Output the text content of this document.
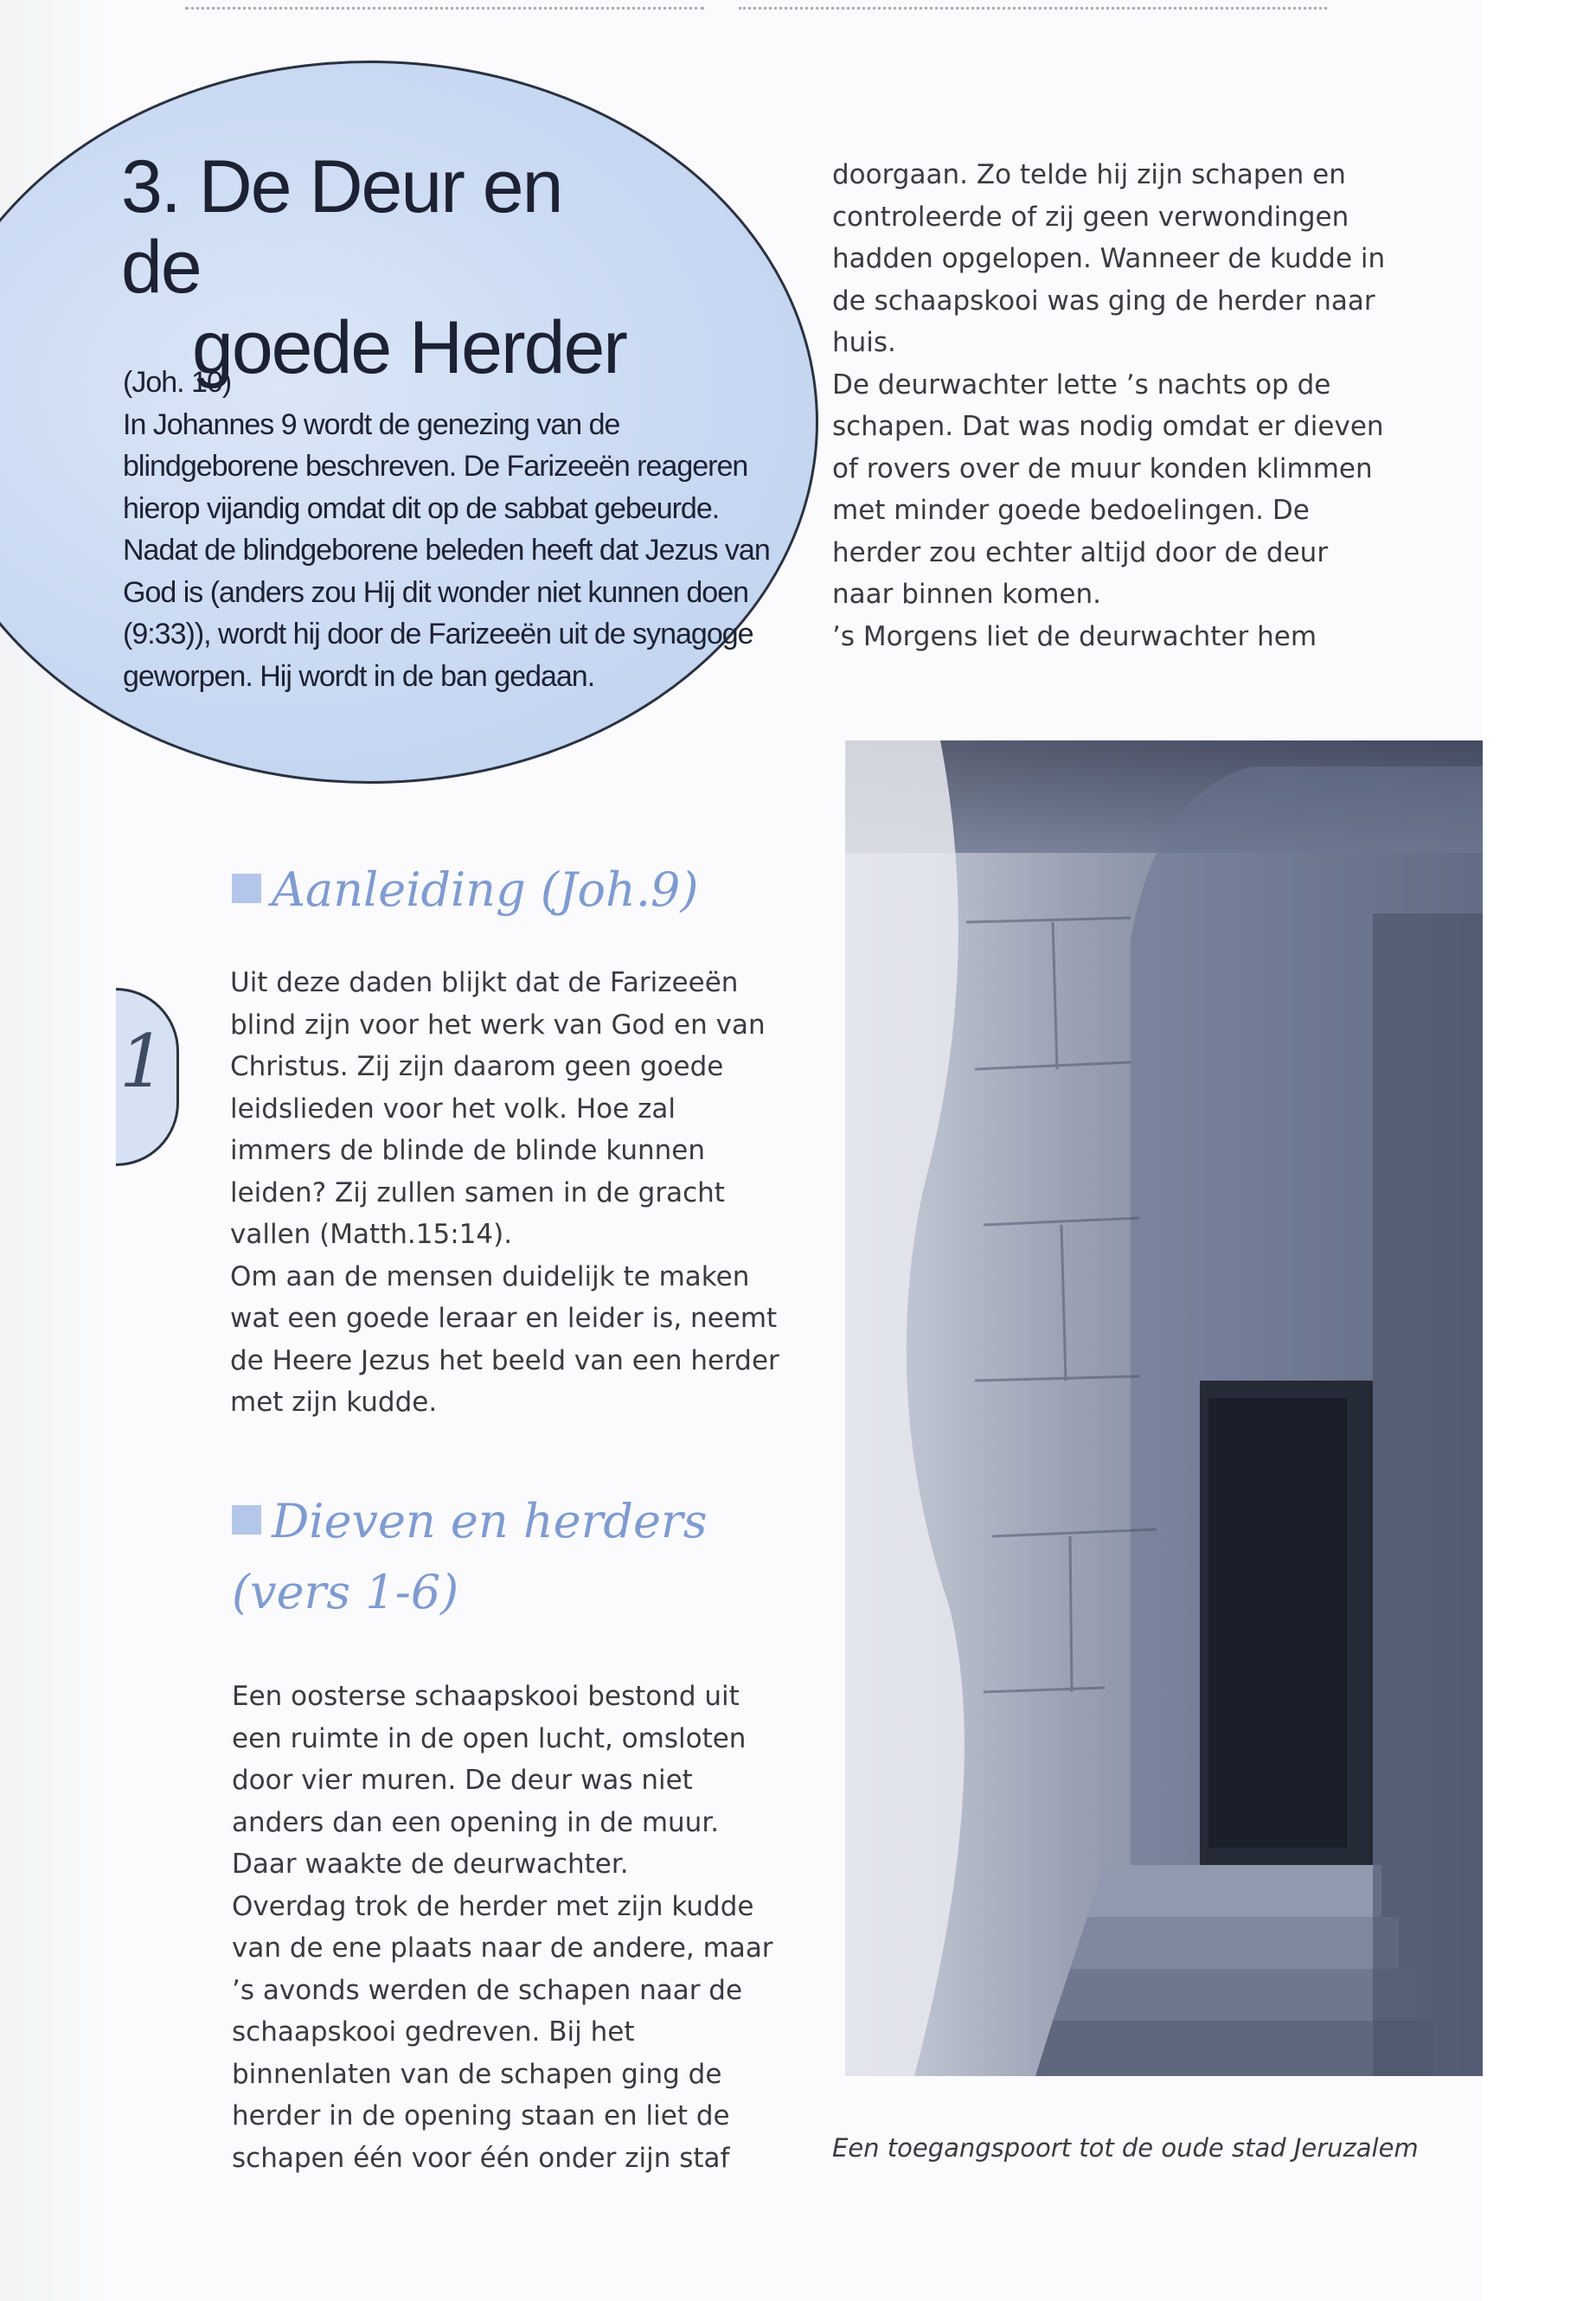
3. De Deur en de
goede Herder

(Joh. 10)

In Johannes 9 wordt de genezing van de blindgeborene beschreven. De Farizeeën reageren hierop vijandig omdat dit op de sabbat gebeurde. Nadat de blindgeborene beleden heeft dat Jezus van God is (anders zou Hij dit wonder niet kunnen doen (9:33)), wordt hij door de Farizeeën uit de synagoge geworpen. Hij wordt in de ban gedaan.

1
Aanleiding (Joh.9)

Uit deze daden blijkt dat de Farizeeën blind zijn voor het werk van God en van Christus. Zij zijn daarom geen goede leidslieden voor het volk. Hoe zal immers de blinde de blinde kunnen leiden? Zij zullen samen in de gracht vallen (Matth.15:14).

Om aan de mensen duidelijk te maken wat een goede leraar en leider is, neemt de Heere Jezus het beeld van een herder met zijn kudde.

Dieven en herders (vers 1-6)

Een oosterse schaapskooi bestond uit een ruimte in de open lucht, omsloten door vier muren. De deur was niet anders dan een opening in de muur. Daar waakte de deurwachter.

Overdag trok de herder met zijn kudde van de ene plaats naar de andere, maar ’s avonds werden de schapen naar de schaapskooi gedreven. Bij het binnenlaten van de schapen ging de herder in de opening staan en liet de schapen één voor één onder zijn staf

doorgaan. Zo telde hij zijn schapen en controleerde of zij geen verwondingen hadden opgelopen. Wanneer de kudde in de schaapskooi was ging de herder naar huis.

De deurwachter lette ’s nachts op de schapen. Dat was nodig omdat er dieven of rovers over de muur konden klimmen met minder goede bedoelingen. De herder zou echter altijd door de deur naar binnen komen.

’s Morgens liet de deurwachter hem

Een toegangspoort tot de oude stad Jeruzalem
